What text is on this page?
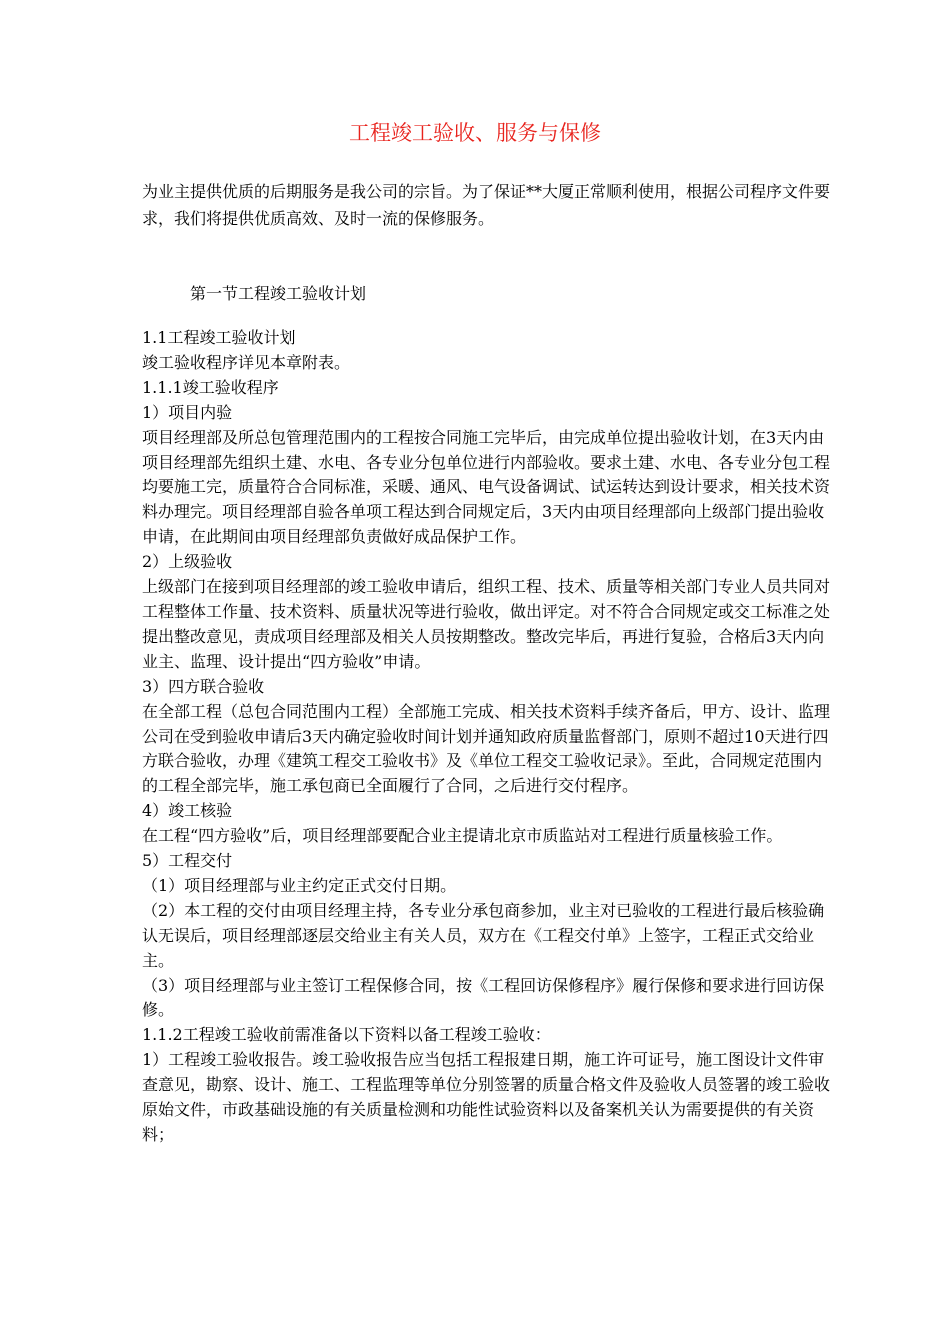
工程竣工验收、服务与保修

为业主提供优质的后期服务是我公司的宗旨。为了保证**大厦正常顺利使用，根据公司程序文件要求，我们将提供优质高效、及时一流的保修服务。

第一节工程竣工验收计划

1.1工程竣工验收计划

竣工验收程序详见本章附表。

1.1.1竣工验收程序

1）项目内验

项目经理部及所总包管理范围内的工程按合同施工完毕后，由完成单位提出验收计划，在3天内由项目经理部先组织土建、水电、各专业分包单位进行内部验收。要求土建、水电、各专业分包工程均要施工完，质量符合合同标准，采暖、通风、电气设备调试、试运转达到设计要求，相关技术资料办理完。项目经理部自验各单项工程达到合同规定后，3天内由项目经理部向上级部门提出验收申请，在此期间由项目经理部负责做好成品保护工作。

2）上级验收

上级部门在接到项目经理部的竣工验收申请后，组织工程、技术、质量等相关部门专业人员共同对工程整体工作量、技术资料、质量状况等进行验收，做出评定。对不符合合同规定或交工标准之处提出整改意见，责成项目经理部及相关人员按期整改。整改完毕后，再进行复验，合格后3天内向业主、监理、设计提出“四方验收”申请。

3）四方联合验收

在全部工程（总包合同范围内工程）全部施工完成、相关技术资料手续齐备后，甲方、设计、监理公司在受到验收申请后3天内确定验收时间计划并通知政府质量监督部门，原则不超过10天进行四方联合验收，办理《建筑工程交工验收书》及《单位工程交工验收记录》。至此，合同规定范围内的工程全部完毕，施工承包商已全面履行了合同，之后进行交付程序。

4）竣工核验

在工程“四方验收”后，项目经理部要配合业主提请北京市质监站对工程进行质量核验工作。

5）工程交付

（1）项目经理部与业主约定正式交付日期。

（2）本工程的交付由项目经理主持，各专业分承包商参加，业主对已验收的工程进行最后核验确认无误后，项目经理部逐层交给业主有关人员，双方在《工程交付单》上签字，工程正式交给业主。

（3）项目经理部与业主签订工程保修合同，按《工程回访保修程序》履行保修和要求进行回访保修。

1.1.2工程竣工验收前需准备以下资料以备工程竣工验收：

1）工程竣工验收报告。竣工验收报告应当包括工程报建日期，施工许可证号，施工图设计文件审查意见，勘察、设计、施工、工程监理等单位分别签署的质量合格文件及验收人员签署的竣工验收原始文件，市政基础设施的有关质量检测和功能性试验资料以及备案机关认为需要提供的有关资料；
